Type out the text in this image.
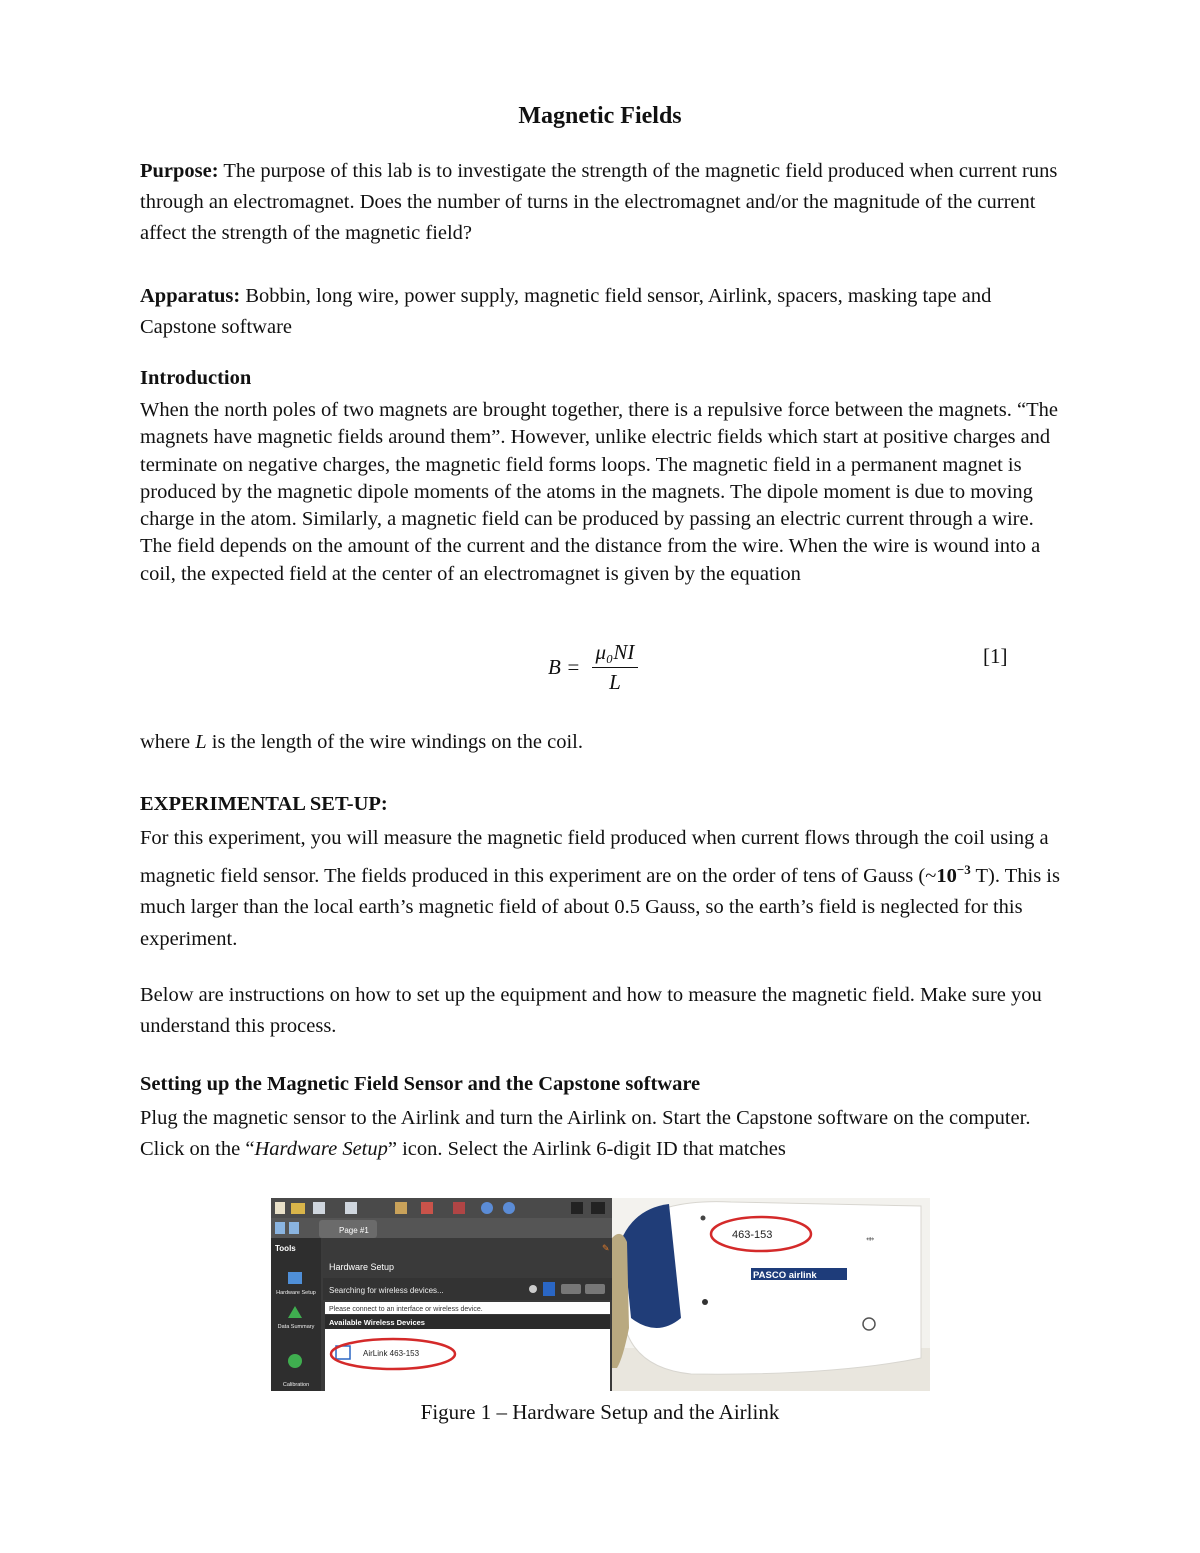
Magnetic Fields
Purpose: The purpose of this lab is to investigate the strength of the magnetic field produced when current runs through an electromagnet. Does the number of turns in the electromagnet and/or the magnitude of the current affect the strength of the magnetic field?
Apparatus: Bobbin, long wire, power supply, magnetic field sensor, Airlink, spacers, masking tape and Capstone software
Introduction
When the north poles of two magnets are brought together, there is a repulsive force between the magnets. “The magnets have magnetic fields around them”. However, unlike electric fields which start at positive charges and terminate on negative charges, the magnetic field forms loops. The magnetic field in a permanent magnet is produced by the magnetic dipole moments of the atoms in the magnets. The dipole moment is due to moving charge in the atom. Similarly, a magnetic field can be produced by passing an electric current through a wire. The field depends on the amount of the current and the distance from the wire. When the wire is wound into a coil, the expected field at the center of an electromagnet is given by the equation
$B = \frac{\text{μ₀NI}}{L}$	[1]
where L is the length of the wire windings on the coil.
EXPERIMENTAL SET-UP:
For this experiment, you will measure the magnetic field produced when current flows through the coil using a magnetic field sensor. The fields produced in this experiment are on the order of tens of Gauss ($\sim 10^{-3}$ T). This is much larger than the local earth’s magnetic field of about 0.5 Gauss, so the earth’s field is neglected for this experiment.
Below are instructions on how to set up the equipment and how to measure the magnetic field. Make sure you understand this process.
Setting up the Magnetic Field Sensor and the Capstone software
Plug the magnetic sensor to the Airlink and turn the Airlink on. Start the Capstone software on the computer. Click on the “Hardware Setup” icon. Select the Airlink 6-digit ID that matches
Page #1
Tools
Hardware Setup
Data Summary
Calibration
Hardware Setup
✎
Searching for wireless devices...
Please connect to an interface or wireless device.
Available Wireless Devices
AirLink 463-153
463-153	⇹
PASCO airlink
Figure 1 – Hardware Setup and the Airlink
